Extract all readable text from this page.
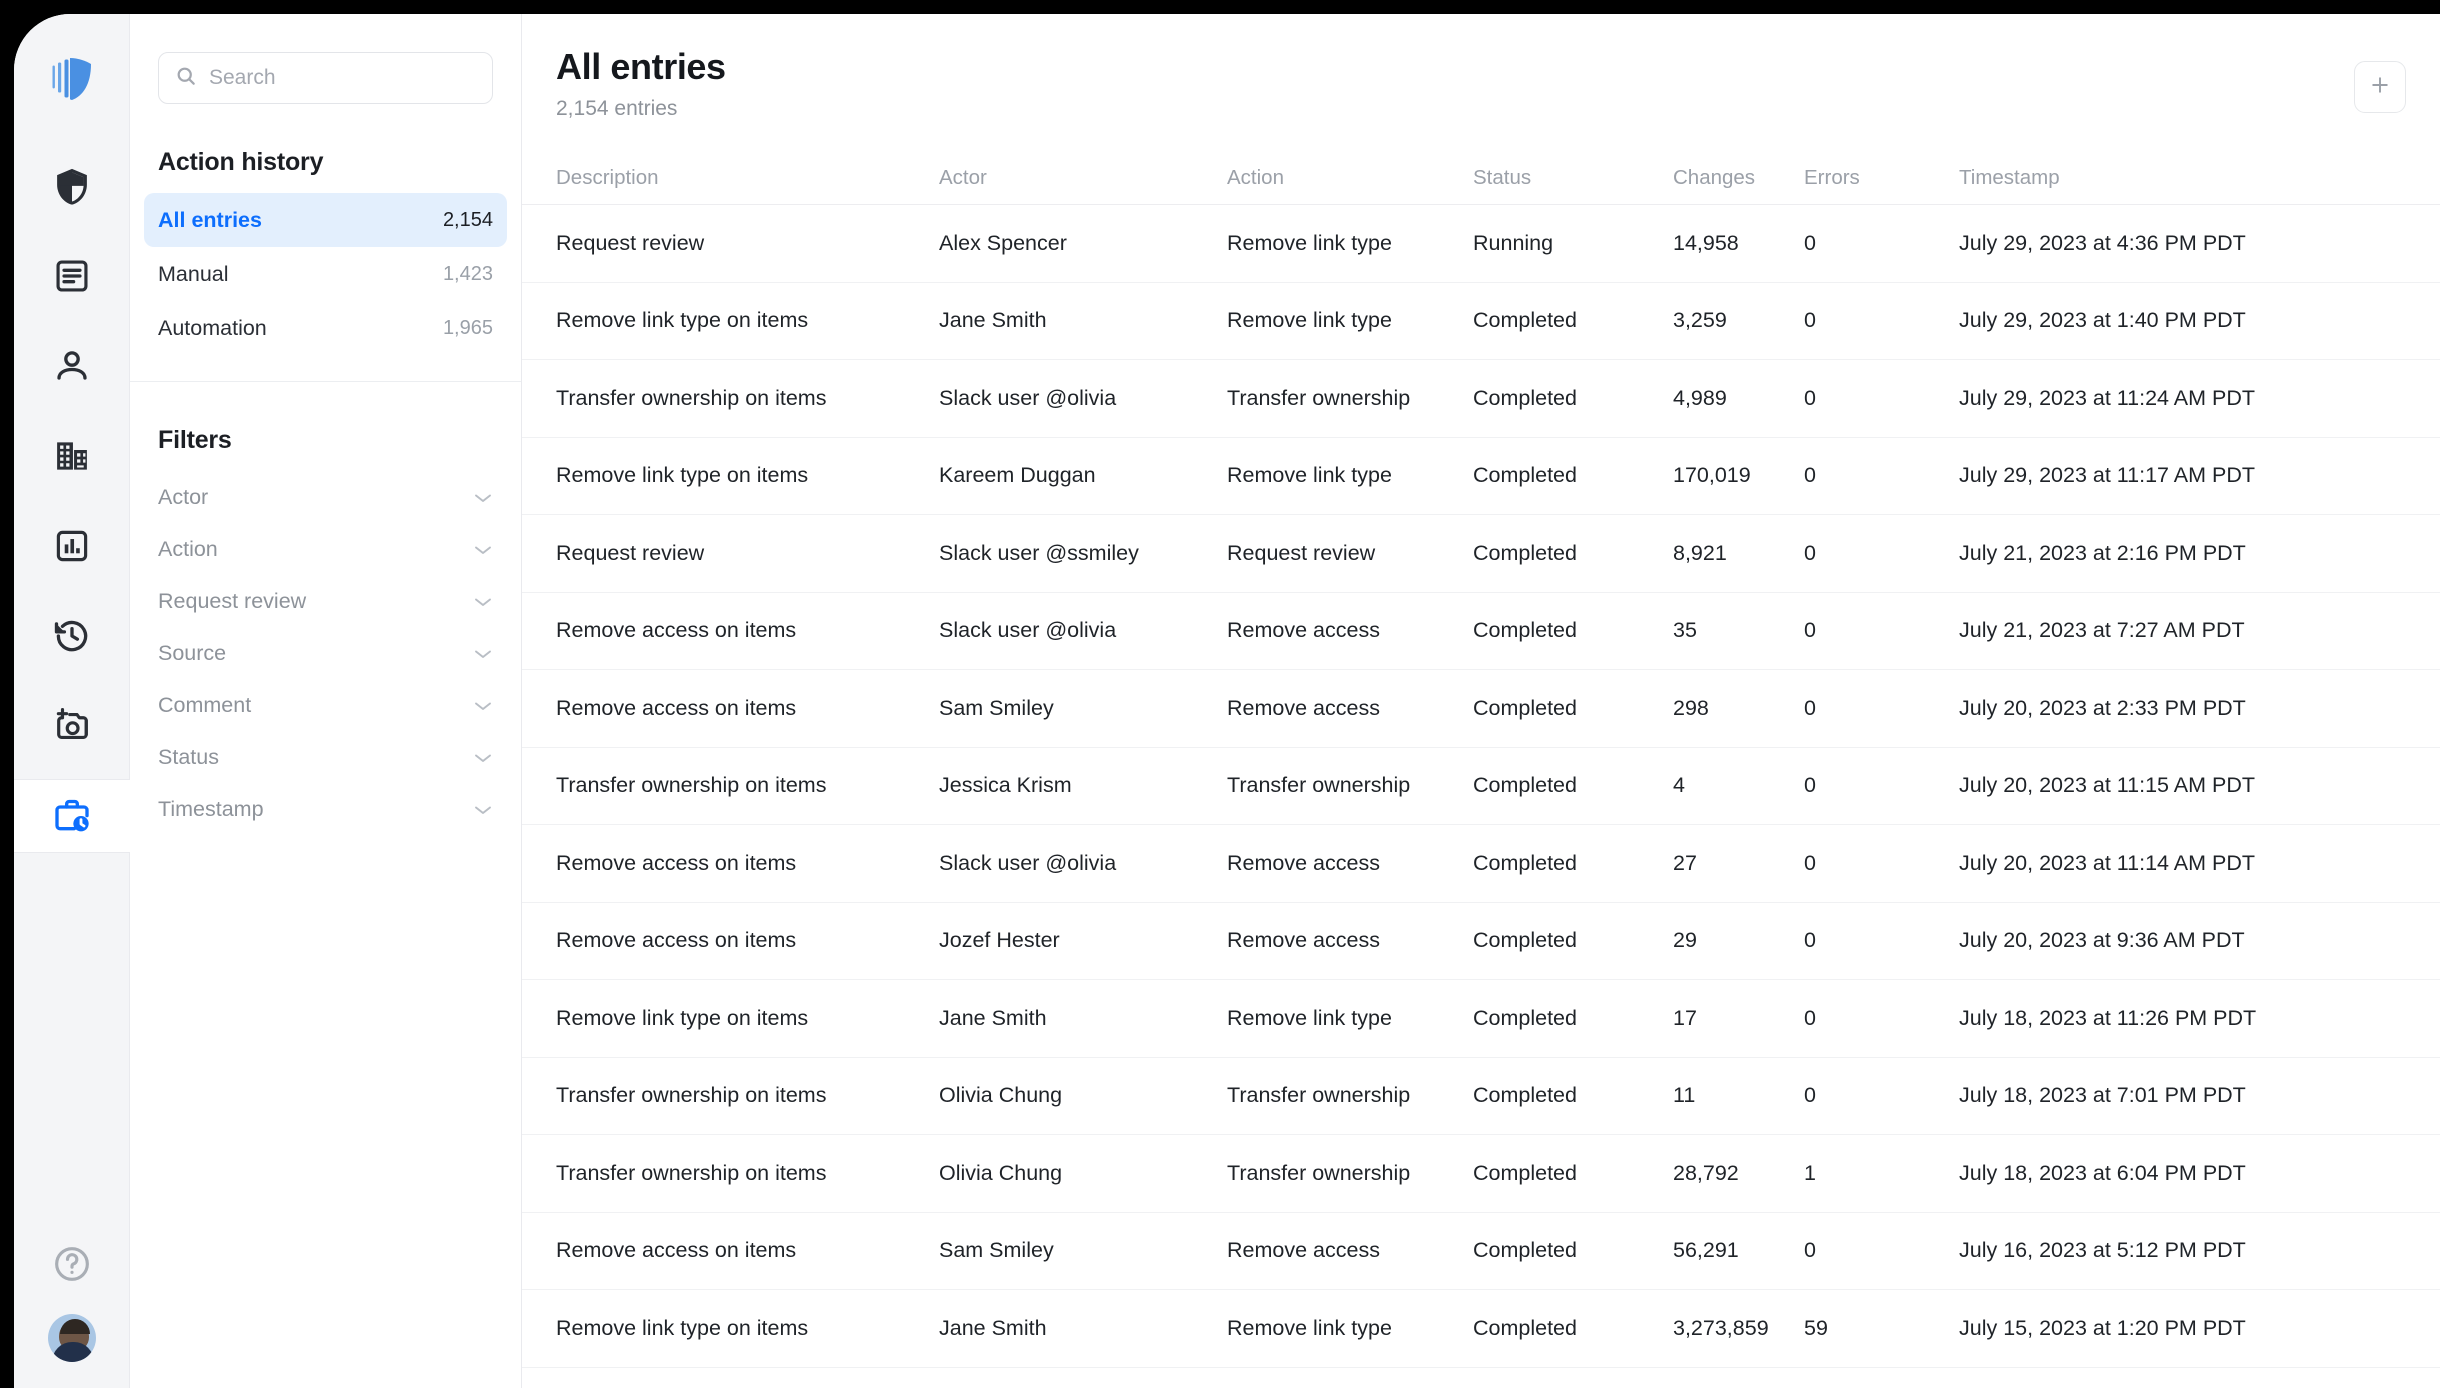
Search
Action history
All entries	2,154
Manual	1,423
Automation	1,965
Filters
Actor
Action
Request review
Source
Comment
Status
Timestamp
All entries
2,154 entries
Description	Actor	Action	Status	Changes	Errors	Timestamp
Request review	Alex Spencer	Remove link type	Running	14,958	0	July 29, 2023 at 4:36 PM PDT
Remove link type on items	Jane Smith	Remove link type	Completed	3,259	0	July 29, 2023 at 1:40 PM PDT
Transfer ownership on items	Slack user @olivia	Transfer ownership	Completed	4,989	0	July 29, 2023 at 11:24 AM PDT
Remove link type on items	Kareem Duggan	Remove link type	Completed	170,019	0	July 29, 2023 at 11:17 AM PDT
Request review	Slack user @ssmiley	Request review	Completed	8,921	0	July 21, 2023 at 2:16 PM PDT
Remove access on items	Slack user @olivia	Remove access	Completed	35	0	July 21, 2023 at 7:27 AM PDT
Remove access on items	Sam Smiley	Remove access	Completed	298	0	July 20, 2023 at 2:33 PM PDT
Transfer ownership on items	Jessica Krism	Transfer ownership	Completed	4	0	July 20, 2023 at 11:15 AM PDT
Remove access on items	Slack user @olivia	Remove access	Completed	27	0	July 20, 2023 at 11:14 AM PDT
Remove access on items	Jozef Hester	Remove access	Completed	29	0	July 20, 2023 at 9:36 AM PDT
Remove link type on items	Jane Smith	Remove link type	Completed	17	0	July 18, 2023 at 11:26 PM PDT
Transfer ownership on items	Olivia Chung	Transfer ownership	Completed	11	0	July 18, 2023 at 7:01 PM PDT
Transfer ownership on items	Olivia Chung	Transfer ownership	Completed	28,792	1	July 18, 2023 at 6:04 PM PDT
Remove access on items	Sam Smiley	Remove access	Completed	56,291	0	July 16, 2023 at 5:12 PM PDT
Remove link type on items	Jane Smith	Remove link type	Completed	3,273,859	59	July 15, 2023 at 1:20 PM PDT
